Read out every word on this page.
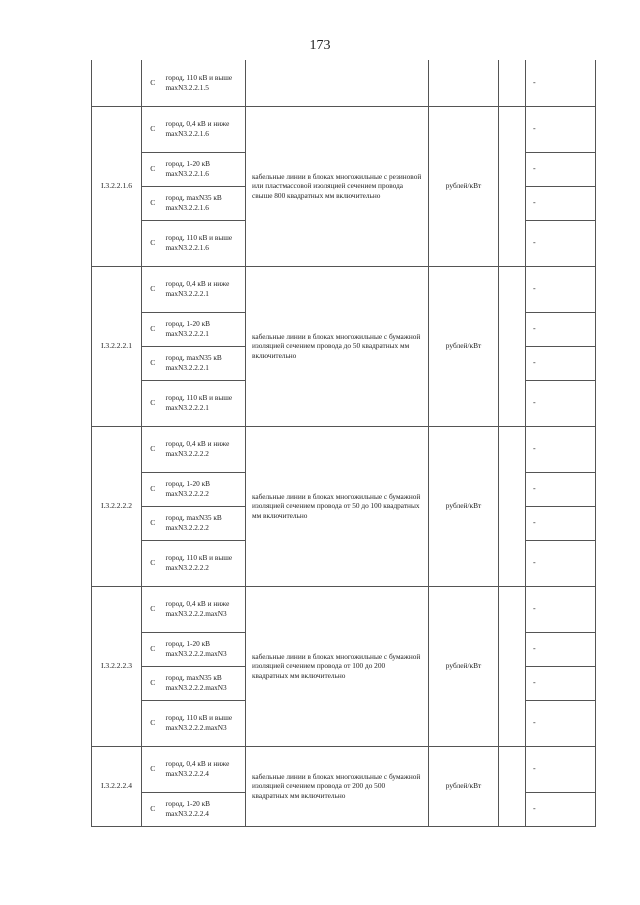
173
	С	город, 110 кВ и выше maxN3.2.2.1.5				-
I.3.2.2.1.6	С	город, 0,4 кВ и ниже maxN3.2.2.1.6	кабельные линии в блоках многожильные с резиновой или пластмассовой изоляцией сечением провода свыше 800 квадратных мм включительно	рублей/кВт		-
	С	город, 1-20 кВ maxN3.2.2.1.6				-
	С	город, maxN35 кВ maxN3.2.2.1.6				-
	С	город, 110 кВ и выше maxN3.2.2.1.6				-
I.3.2.2.2.1	С	город, 0,4 кВ и ниже maxN3.2.2.2.1	кабельные линии в блоках многожильные с бумажной изоляцией сечением провода до 50 квадратных мм включительно	рублей/кВт		-
	С	город, 1-20 кВ maxN3.2.2.2.1				-
	С	город, maxN35 кВ maxN3.2.2.2.1				-
	С	город, 110 кВ и выше maxN3.2.2.2.1				-
I.3.2.2.2.2	С	город, 0,4 кВ и ниже maxN3.2.2.2.2	кабельные линии в блоках многожильные с бумажной изоляцией сечением провода от 50 до 100 квадратных мм включительно	рублей/кВт		-
	С	город, 1-20 кВ maxN3.2.2.2.2				-
	С	город, maxN35 кВ maxN3.2.2.2.2				-
	С	город, 110 кВ и выше maxN3.2.2.2.2				-
I.3.2.2.2.3	С	город, 0,4 кВ и ниже maxN3.2.2.2.maxN3	кабельные линии в блоках многожильные с бумажной изоляцией сечением провода от 100 до 200 квадратных мм включительно	рублей/кВт		-
	С	город, 1-20 кВ maxN3.2.2.2.maxN3				-
	С	город, maxN35 кВ maxN3.2.2.2.maxN3				-
	С	город, 110 кВ и выше maxN3.2.2.2.maxN3				-
I.3.2.2.2.4	С	город, 0,4 кВ и ниже maxN3.2.2.2.4	кабельные линии в блоках многожильные с бумажной изоляцией сечением провода от 200 до 500 квадратных мм включительно	рублей/кВт		-
	С	город, 1-20 кВ maxN3.2.2.2.4				-
